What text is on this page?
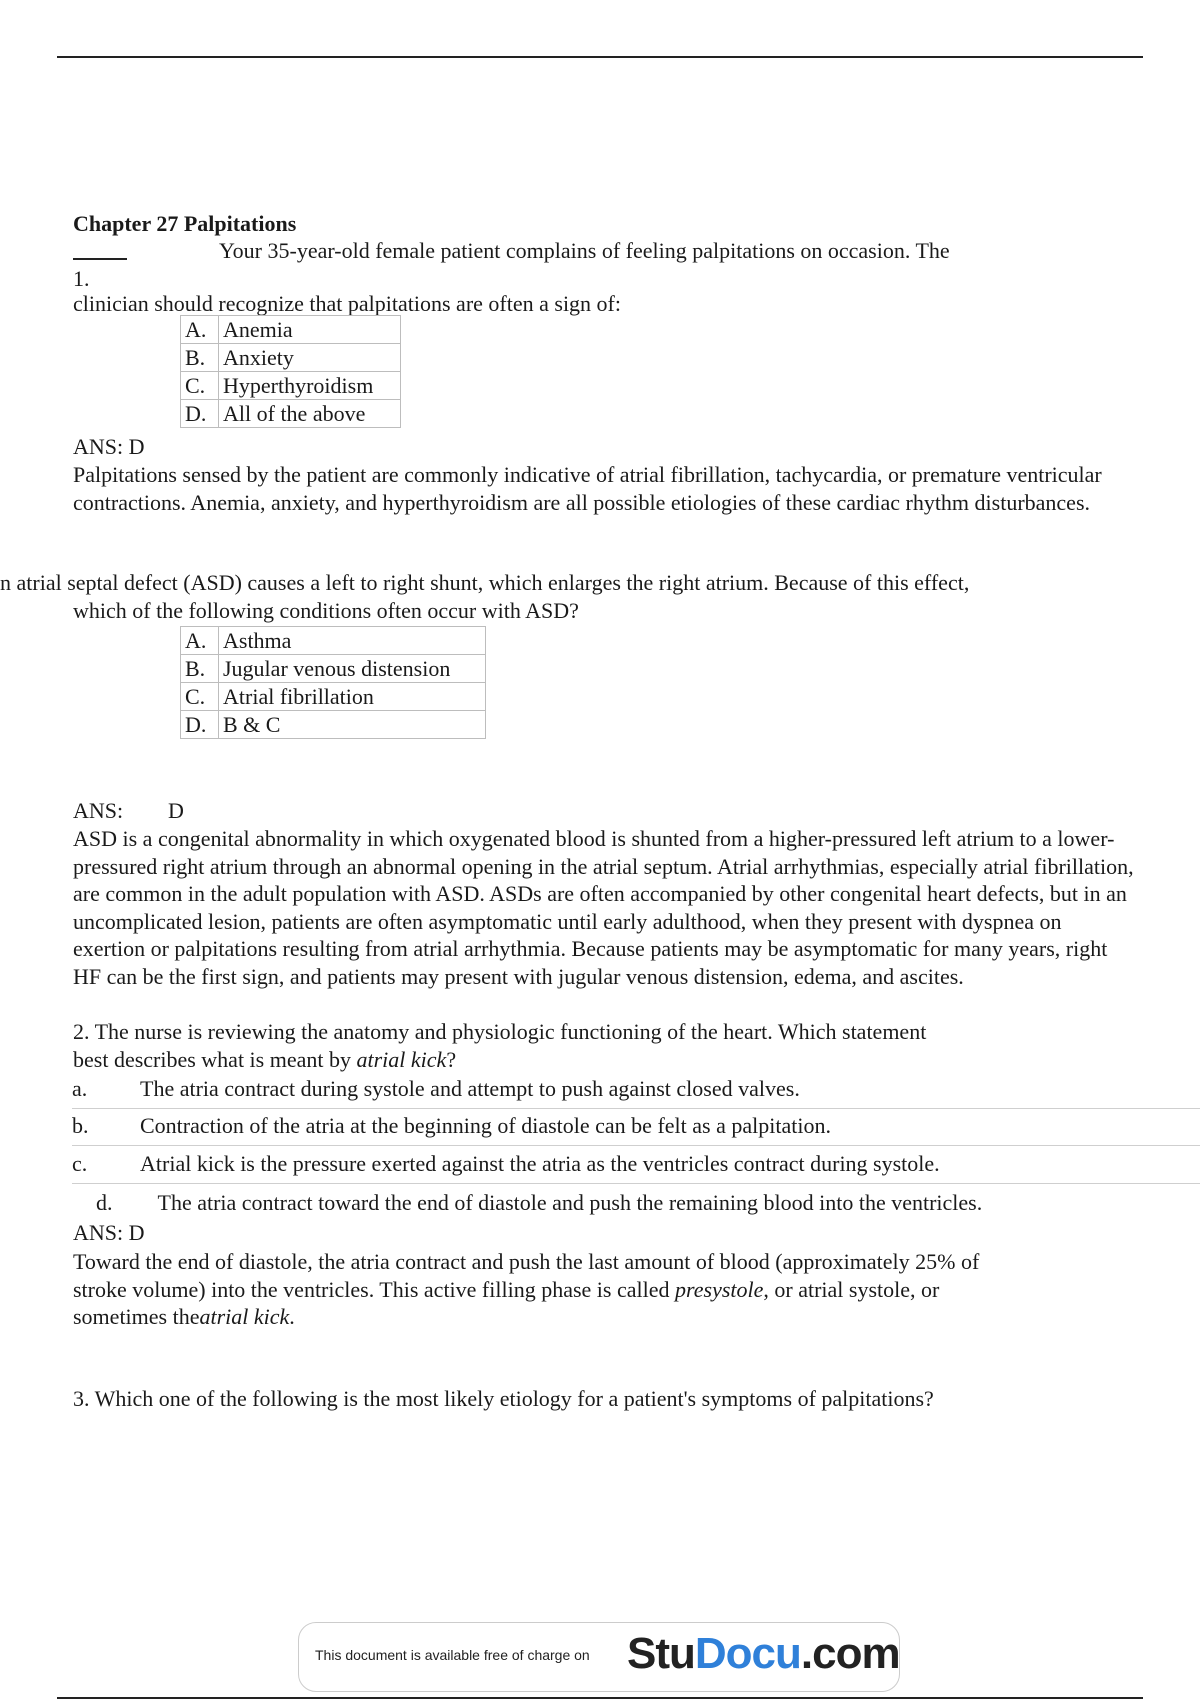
Chapter 27 Palpitations
1.
Your 35-year-old female patient complains of feeling palpitations on occasion. The
clinician should recognize that palpitations are often a sign of:
A.	Anemia
B.	Anxiety
C.	Hyperthyroidism
D.	All of the above
ANS: D
Palpitations sensed by the patient are commonly indicative of atrial fibrillation, tachycardia, or premature ventricular contractions. Anemia, anxiety, and hyperthyroidism are all possible etiologies of these cardiac rhythm disturbances.
n atrial septal defect (ASD) causes a left to right shunt, which enlarges the right atrium. Because of this effect,
which of the following conditions often occur with ASD?
A.	Asthma
B.	Jugular venous distension
C.	Atrial fibrillation
D.	B & C
ANS: D
ASD is a congenital abnormality in which oxygenated blood is shunted from a higher-pressured left atrium to a lower-pressured right atrium through an abnormal opening in the atrial septum. Atrial arrhythmias, especially atrial fibrillation, are common in the adult population with ASD. ASDs are often accompanied by other congenital heart defects, but in an uncomplicated lesion, patients are often asymptomatic until early adulthood, when they present with dyspnea on exertion or palpitations resulting from atrial arrhythmia. Because patients may be asymptomatic for many years, right HF can be the first sign, and patients may present with jugular venous distension, edema, and ascites.
2. The nurse is reviewing the anatomy and physiologic functioning of the heart. Which statement
best describes what is meant by atrial kick?
a. The atria contract during systole and attempt to push against closed valves.
b. Contraction of the atria at the beginning of diastole can be felt as a palpitation.
c. Atrial kick is the pressure exerted against the atria as the ventricles contract during systole.
d. The atria contract toward the end of diastole and push the remaining blood into the ventricles.
ANS: D
Toward the end of diastole, the atria contract and push the last amount of blood (approximately 25% of stroke volume) into the ventricles. This active filling phase is called presystole, or atrial systole, or sometimes theatrial kick.
3. Which one of the following is the most likely etiology for a patient's symptoms of palpitations?
This document is available free of charge on StuDocu.com
